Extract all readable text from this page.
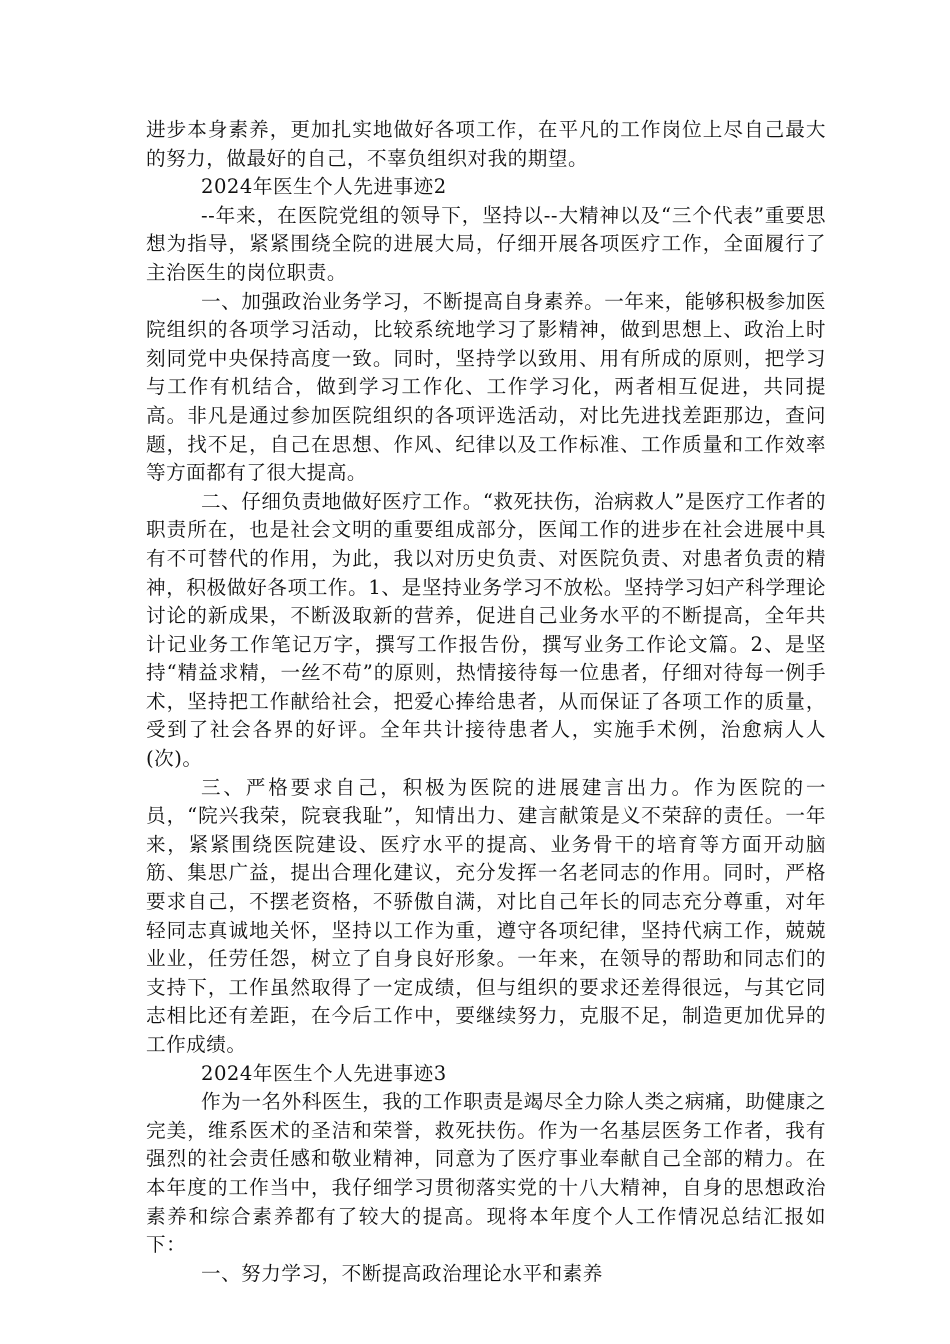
进步本身素养，更加扎实地做好各项工作，在平凡的工作岗位上尽自己最大的努力，做最好的自己，不辜负组织对我的期望。

2024年医生个人先进事迹2

--年来，在医院党组的领导下，坚持以--大精神以及“三个代表”重要思想为指导，紧紧围绕全院的进展大局，仔细开展各项医疗工作，全面履行了主治医生的岗位职责。

一、加强政治业务学习，不断提高自身素养。一年来，能够积极参加医院组织的各项学习活动，比较系统地学习了影精神，做到思想上、政治上时刻同党中央保持高度一致。同时，坚持学以致用、用有所成的原则，把学习与工作有机结合，做到学习工作化、工作学习化，两者相互促进，共同提高。非凡是通过参加医院组织的各项评选活动，对比先进找差距那边，查问题，找不足，自己在思想、作风、纪律以及工作标准、工作质量和工作效率等方面都有了很大提高。

二、仔细负责地做好医疗工作。“救死扶伤，治病救人”是医疗工作者的职责所在，也是社会文明的重要组成部分，医闻工作的进步在社会进展中具有不可替代的作用，为此，我以对历史负责、对医院负责、对患者负责的精神，积极做好各项工作。1、是坚持业务学习不放松。坚持学习妇产科学理论讨论的新成果，不断汲取新的营养，促进自己业务水平的不断提高，全年共计记业务工作笔记万字，撰写工作报告份，撰写业务工作论文篇。2、是坚持“精益求精，一丝不苟”的原则，热情接待每一位患者，仔细对待每一例手术，坚持把工作献给社会，把爱心捧给患者，从而保证了各项工作的质量，受到了社会各界的好评。全年共计接待患者人，实施手术例，治愈病人人(次)。

三、严格要求自己，积极为医院的进展建言出力。作为医院的一员，“院兴我荣，院衰我耻”，知情出力、建言献策是义不荣辞的责任。一年来，紧紧围绕医院建设、医疗水平的提高、业务骨干的培育等方面开动脑筋、集思广益，提出合理化建议，充分发挥一名老同志的作用。同时，严格要求自己，不摆老资格，不骄傲自满，对比自己年长的同志充分尊重，对年轻同志真诚地关怀，坚持以工作为重，遵守各项纪律，坚持代病工作，兢兢业业，任劳任怨，树立了自身良好形象。一年来，在领导的帮助和同志们的支持下，工作虽然取得了一定成绩，但与组织的要求还差得很远，与其它同志相比还有差距，在今后工作中，要继续努力，克服不足，制造更加优异的工作成绩。

2024年医生个人先进事迹3

作为一名外科医生，我的工作职责是竭尽全力除人类之病痛，助健康之完美，维系医术的圣洁和荣誉，救死扶伤。作为一名基层医务工作者，我有强烈的社会责任感和敬业精神，同意为了医疗事业奉献自己全部的精力。在本年度的工作当中，我仔细学习贯彻落实党的十八大精神，自身的思想政治素养和综合素养都有了较大的提高。现将本年度个人工作情况总结汇报如下：

一、努力学习，不断提高政治理论水平和素养
